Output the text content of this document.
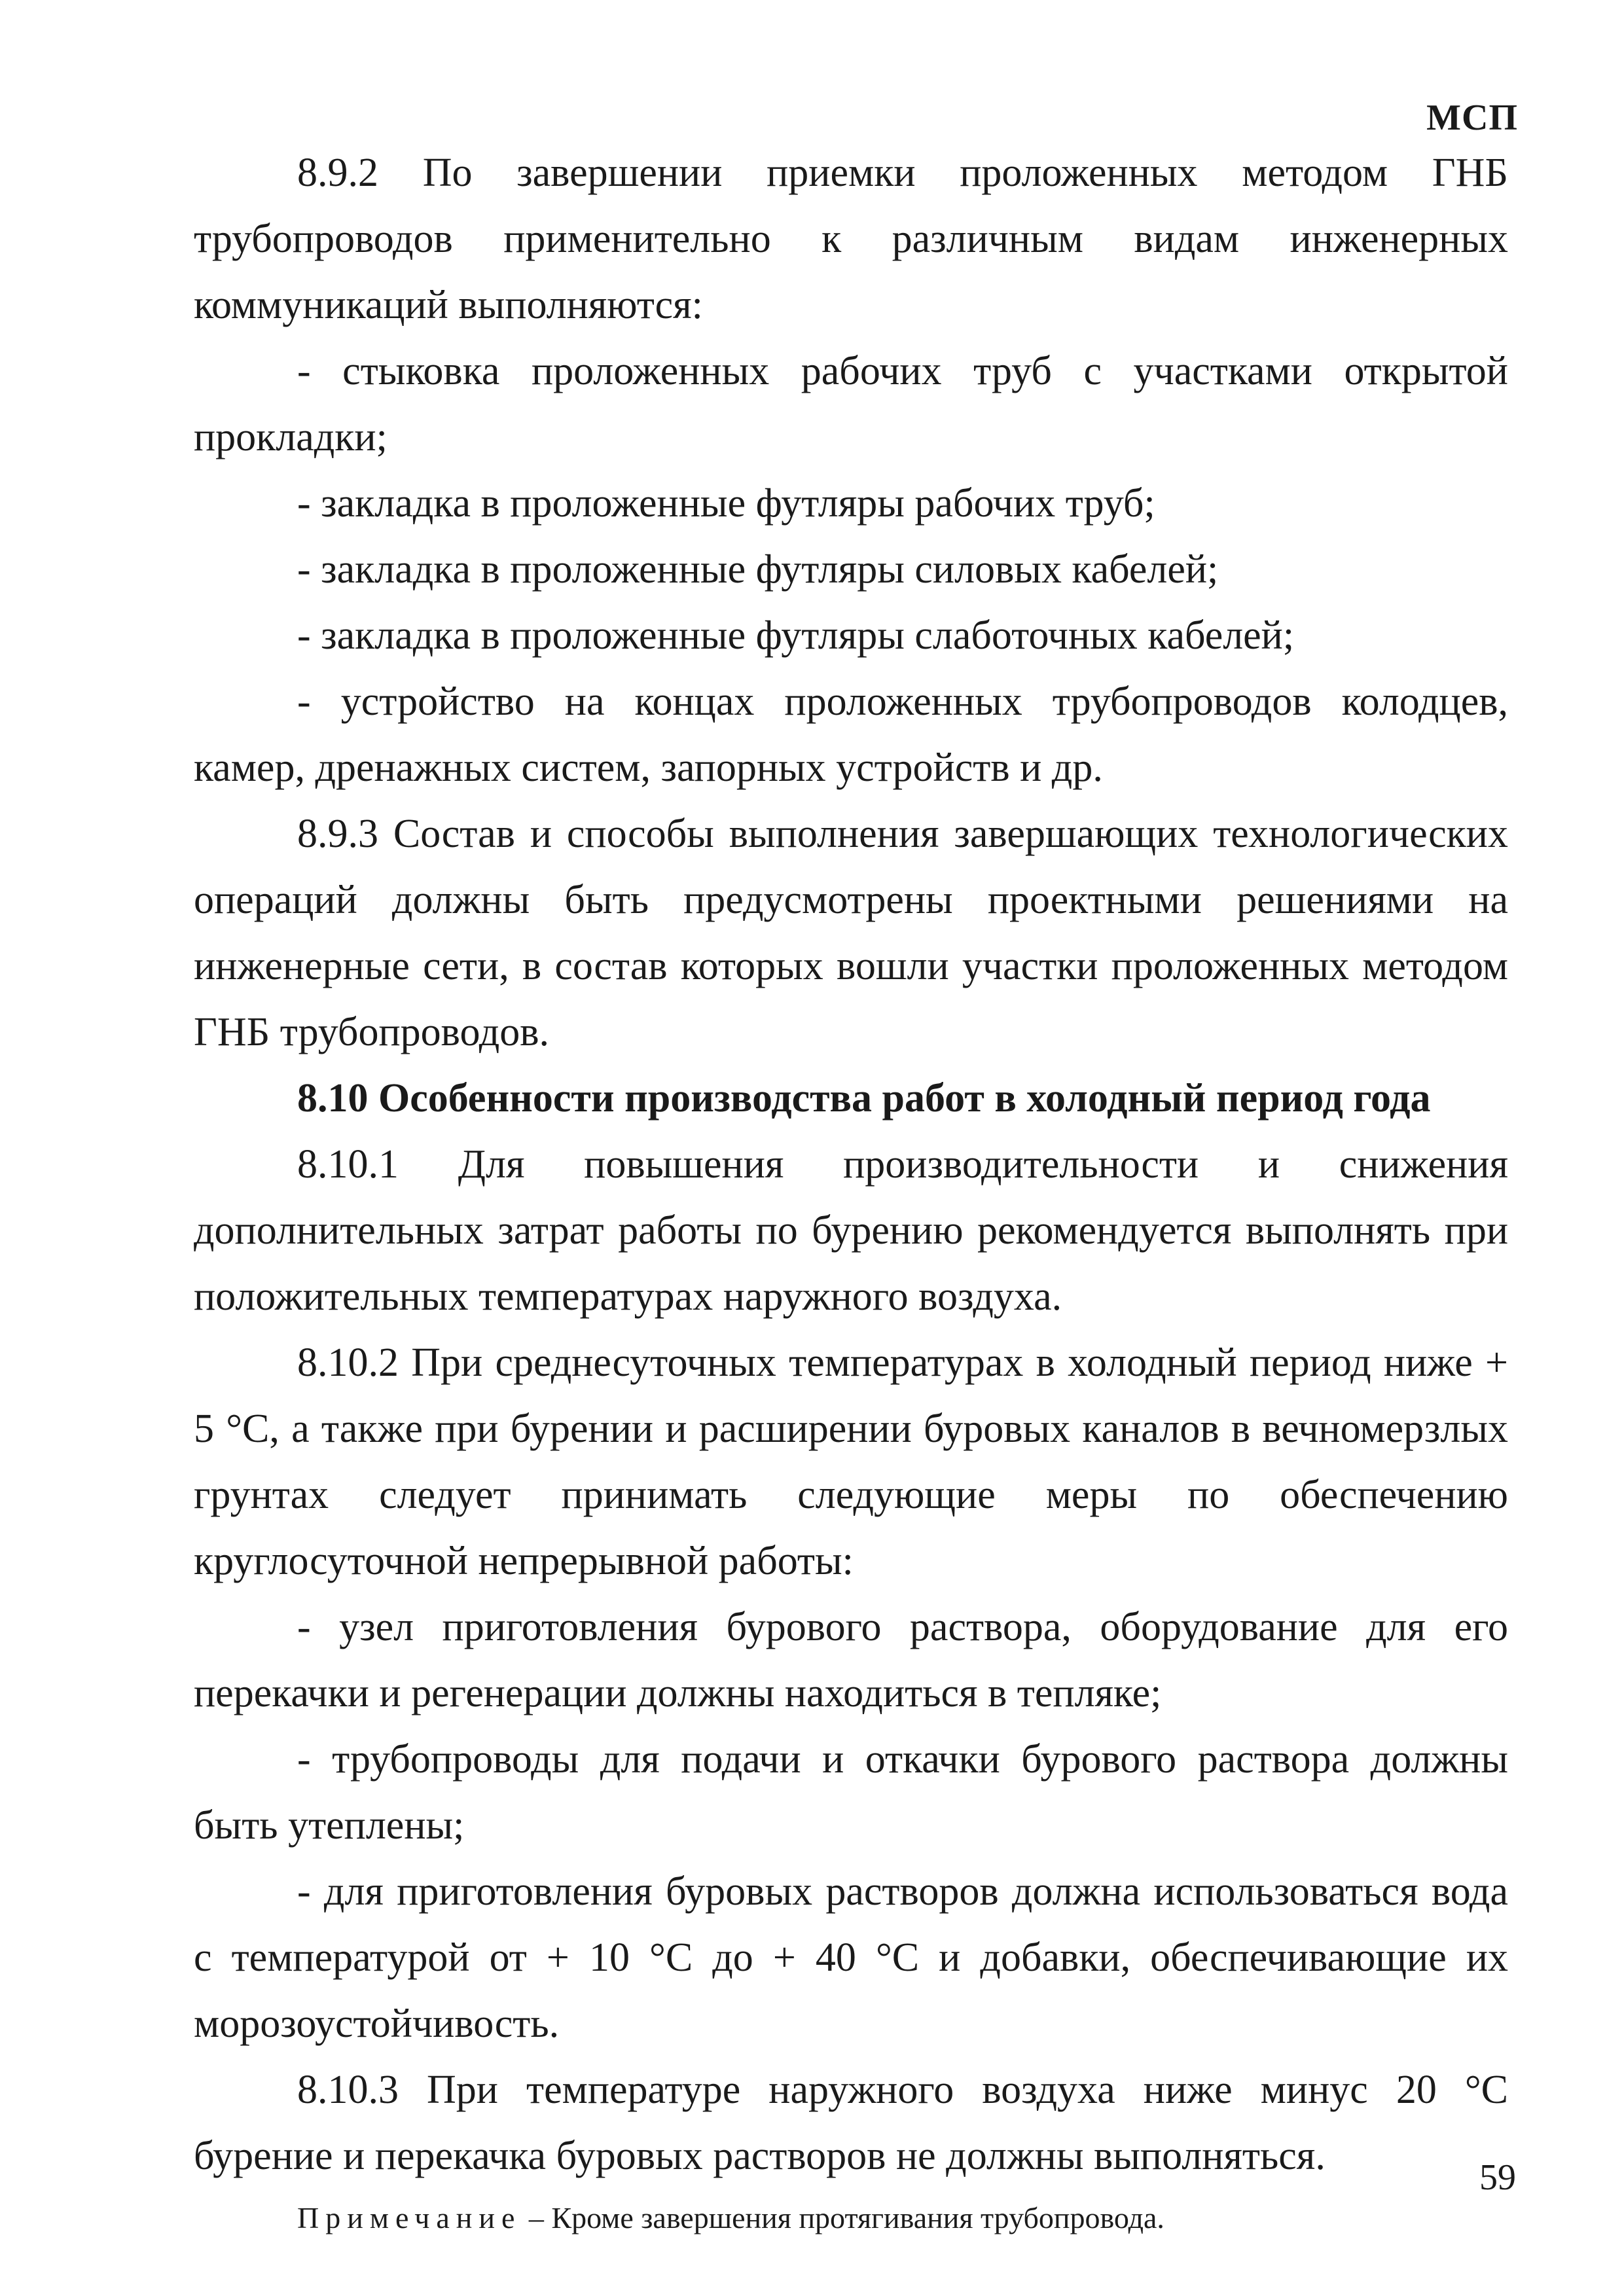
МСП

8.9.2 По завершении приемки проложенных методом ГНБ трубопроводов применительно к различным видам инженерных коммуникаций выполняются:

- стыковка проложенных рабочих труб с участками открытой прокладки;

- закладка в проложенные футляры рабочих труб;

- закладка в проложенные футляры силовых кабелей;

- закладка в проложенные футляры слаботочных кабелей;

- устройство на концах проложенных трубопроводов колодцев, камер, дренажных систем, запорных устройств и др.

8.9.3 Состав и способы выполнения завершающих технологических операций должны быть предусмотрены проектными решениями на инженерные сети, в состав которых вошли участки проложенных методом ГНБ трубопроводов.

8.10 Особенности производства работ в холодный период года

8.10.1 Для повышения производительности и снижения дополнительных затрат работы по бурению рекомендуется выполнять при положительных температурах наружного воздуха.

8.10.2 При среднесуточных температурах в холодный период ниже + 5 °С, а также при бурении и расширении буровых каналов в вечномерзлых грунтах следует принимать следующие меры по обеспечению круглосуточной непрерывной работы:

- узел приготовления бурового раствора, оборудование для его перекачки и регенерации должны находиться в тепляке;

- трубопроводы для подачи и откачки бурового раствора должны быть утеплены;

- для приготовления буровых растворов должна использоваться вода с температурой от + 10 °С до + 40 °С и добавки, обеспечивающие их морозоустойчивость.

8.10.3 При температуре наружного воздуха ниже минус 20 °С бурение и перекачка буровых растворов не должны выполняться.

Примечание – Кроме завершения протягивания трубопровода.

59
